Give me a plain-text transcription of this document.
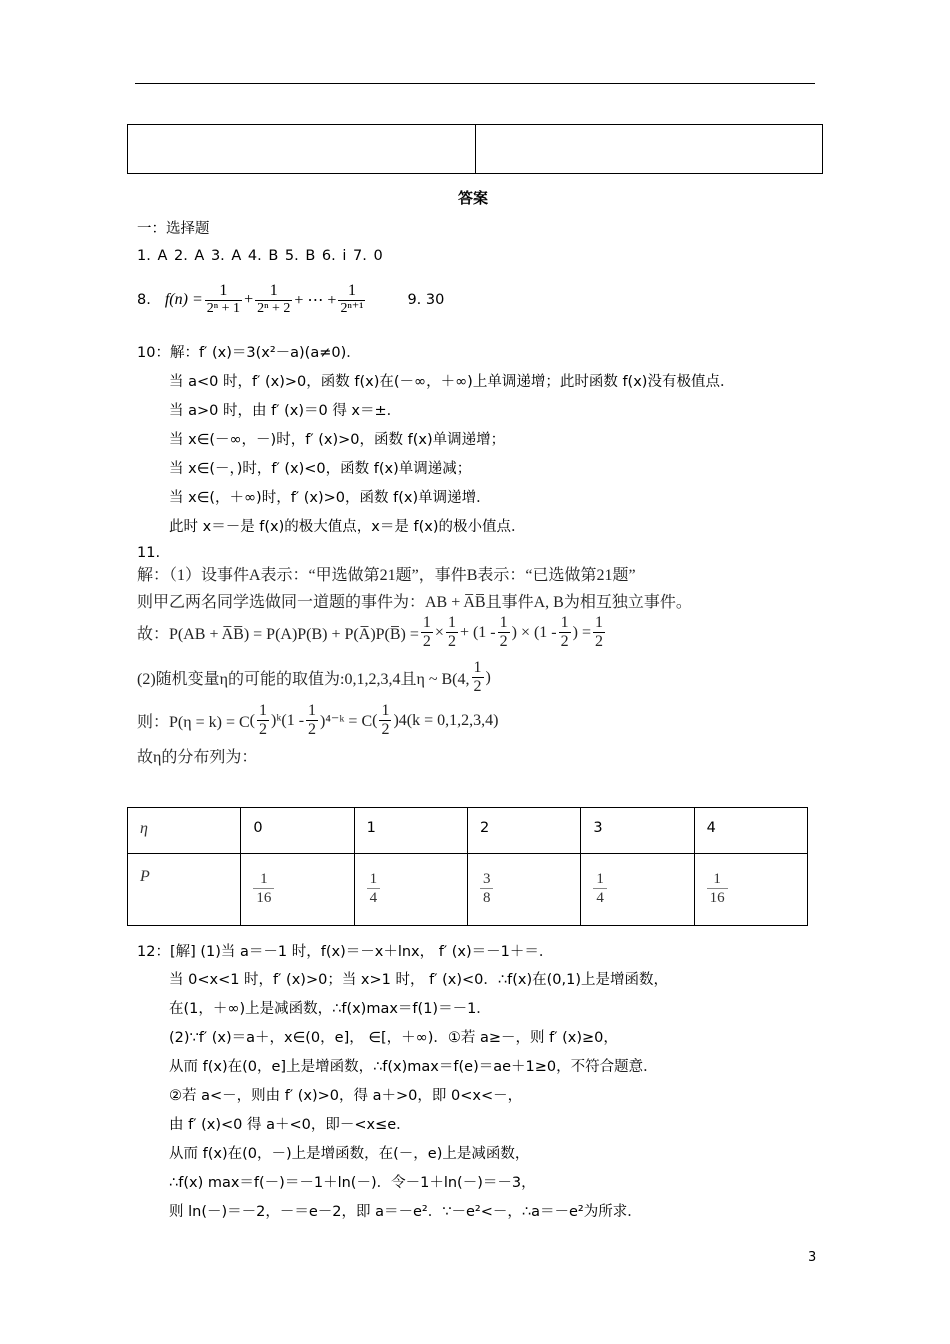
答案
一：选择题
1. A 2. A 3. A 4. B 5. B 6. i 7. 0
8. $f(n) = \frac{1}{\text{2ⁿ + 1}} + \frac{1}{\text{2ⁿ + 2}}$ + ⋯ + $\frac{1}{\text{2ⁿ⁺¹}}$	9. 30
10：解：f′ (x)＝3(x²－a)(a≠0)．
当 a<0 时，f′ (x)>0，函数 f(x)在(－∞，＋∞)上单调递增；此时函数 f(x)没有极值点．
当 a>0 时，由 f′ (x)＝0 得 x＝±．
当 x∈(－∞，－)时，f′ (x)>0，函数 f(x)单调递增；
当 x∈(－，)时，f′ (x)<0，函数 f(x)单调递减；
当 x∈(，＋∞)时，f′ (x)>0，函数 f(x)单调递增．
此时 x＝－是 f(x)的极大值点，x＝是 f(x)的极小值点．
11.
解：（1）设事件A表示：“甲选做第21题”，事件B表示：“已选做第21题”
则甲乙两名同学选做同一道题的事件为：AB + A̅B̅且事件A, B为相互独立事件。
故：P(AB + A̅B̅) = P(A)P(B) + P(A̅)P(B̅) = $\frac{1}{2} \times \frac{1}{2} + (1 - \frac{1}{2}$ ) × ($1 - \frac{1}{2}$ ) = $\frac{1}{2}$
(2)随机变量η的可能的取值为:0,1,2,3,4且η ~ B(4, $\frac{1}{2}$ )
则：P(η = k) = C ( $\frac{1}{2}$ )ᵏ(1 - $\frac{1}{2}$ )⁴⁻ᵏ = C ( $\frac{1}{2} )4(k = 0,1,2,3,4)$
故η的分布列为：
η	0	1	2	3	4
P	$\frac{1}{16}$	$\frac{1}{4}$	$\frac{3}{8}$	$\frac{1}{4}$	$\frac{1}{16}$
12：[解] (1)当 a＝－1 时，f(x)＝－x＋lnx， f′ (x)＝－1＋＝．
当 0<x<1 时，f′ (x)>0；当 x>1 时， f′ (x)<0．∴f(x)在(0,1)上是增函数，
在(1，＋∞)上是减函数，∴f(x)max＝f(1)＝－1．
(2)∵f′ (x)＝a＋，x∈(0，e]， ∈[，＋∞)．①若 a≥－，则 f′ (x)≥0，
从而 f(x)在(0，e]上是增函数，∴f(x)max＝f(e)＝ae＋1≥0，不符合题意．
②若 a<－，则由 f′ (x)>0，得 a＋>0，即 0<x<－，
由 f′ (x)<0 得 a＋<0，即－<x≤e．
从而 f(x)在(0，－)上是增函数，在(－，e)上是减函数，
∴f(x) max＝f(－)＝－1＋ln(－)．令－1＋ln(－)＝－3，
则 ln(－)＝－2，－＝e－2，即 a＝－e²．∵－e²<－，∴a＝－e²为所求．
3
